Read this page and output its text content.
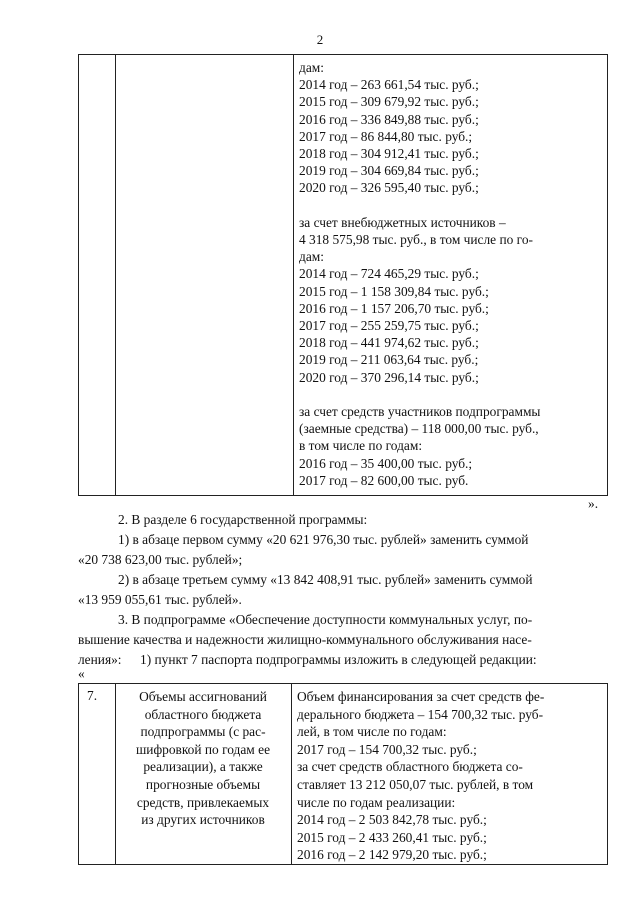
2
дам:
2014 год – 263 661,54 тыс. руб.;
2015 год – 309 679,92 тыс. руб.;
2016 год – 336 849,88 тыс. руб.;
2017 год – 86 844,80 тыс. руб.;
2018 год – 304 912,41 тыс. руб.;
2019 год – 304 669,84 тыс. руб.;
2020 год – 326 595,40 тыс. руб.;
за счет внебюджетных источников –
4 318 575,98 тыс. руб., в том числе по го-
дам:
2014 год – 724 465,29 тыс. руб.;
2015 год – 1 158 309,84 тыс. руб.;
2016 год – 1 157 206,70 тыс. руб.;
2017 год – 255 259,75 тыс. руб.;
2018 год – 441 974,62 тыс. руб.;
2019 год – 211 063,64 тыс. руб.;
2020 год – 370 296,14 тыс. руб.;
за счет средств участников подпрограммы
(заемные средства) – 118 000,00 тыс. руб.,
в том числе по годам:
2016 год – 35 400,00 тыс. руб.;
2017 год – 82 600,00 тыс. руб.
».
2. В разделе 6 государственной программы:
1) в абзаце первом сумму «20 621 976,30 тыс. рублей» заменить суммой
«20 738 623,00 тыс. рублей»;
2) в абзаце третьем сумму «13 842 408,91 тыс. рублей» заменить суммой
«13 959 055,61 тыс. рублей».
3. В подпрограмме «Обеспечение доступности коммунальных услуг, по-
вышение качества и надежности жилищно-коммунального обслуживания насе-
ления»:	1) пункт 7 паспорта подпрограммы изложить в следующей редакции:
«
7.	Объемы ассигнований
областного бюджета
подпрограммы (с рас-
шифровкой по годам ее
реализации), а также
прогнозные объемы
средств, привлекаемых
из других источников
Объем финансирования за счет средств фе-
дерального бюджета – 154 700,32 тыс. руб-
лей, в том числе по годам:
2017 год – 154 700,32 тыс. руб.;
за счет средств областного бюджета со-
ставляет 13 212 050,07 тыс. рублей, в том
числе по годам реализации:
2014 год – 2 503 842,78 тыс. руб.;
2015 год – 2 433 260,41 тыс. руб.;
2016 год – 2 142 979,20 тыс. руб.;
